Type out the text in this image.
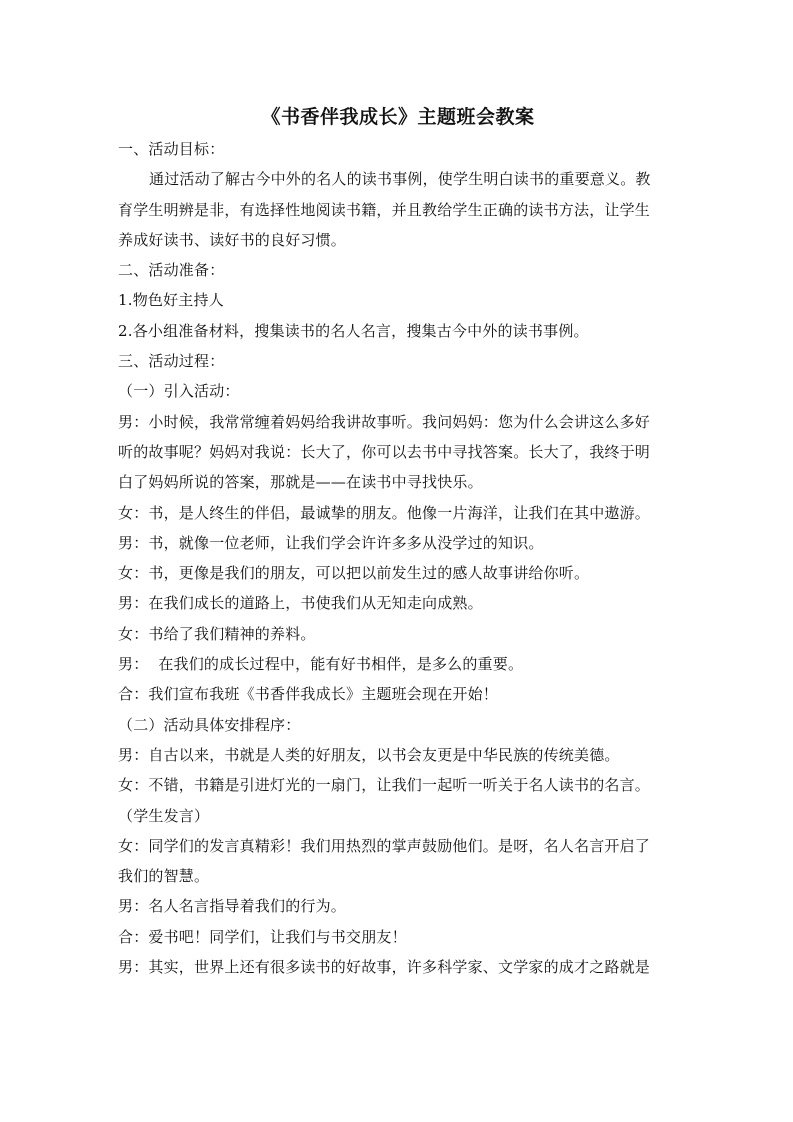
《书香伴我成长》主题班会教案

一、活动目标：

通过活动了解古今中外的名人的读书事例，使学生明白读书的重要意义。教

育学生明辨是非，有选择性地阅读书籍，并且教给学生正确的读书方法，让学生

养成好读书、读好书的良好习惯。

二、活动准备：

1.物色好主持人

2.各小组准备材料，搜集读书的名人名言，搜集古今中外的读书事例。

三、活动过程：

（一）引入活动：

男：小时候，我常常缠着妈妈给我讲故事听。我问妈妈：您为什么会讲这么多好

听的故事呢？妈妈对我说：长大了，你可以去书中寻找答案。长大了，我终于明

白了妈妈所说的答案，那就是——在读书中寻找快乐。

女：书，是人终生的伴侣，最诚挚的朋友。他像一片海洋，让我们在其中遨游。

男：书，就像一位老师，让我们学会许许多多从没学过的知识。

女：书，更像是我们的朋友，可以把以前发生过的感人故事讲给你听。

男：在我们成长的道路上，书使我们从无知走向成熟。

女：书给了我们精神的养料。

男：  在我们的成长过程中，能有好书相伴，是多么的重要。

合：我们宣布我班《书香伴我成长》主题班会现在开始！

（二）活动具体安排程序：

男：自古以来，书就是人类的好朋友，以书会友更是中华民族的传统美德。

女：不错，书籍是引进灯光的一扇门，让我们一起听一听关于名人读书的名言。

（学生发言）

女：同学们的发言真精彩！我们用热烈的掌声鼓励他们。是呀，名人名言开启了

我们的智慧。

男：名人名言指导着我们的行为。

合：爱书吧！同学们，让我们与书交朋友！

男：其实，世界上还有很多读书的好故事，许多科学家、文学家的成才之路就是
